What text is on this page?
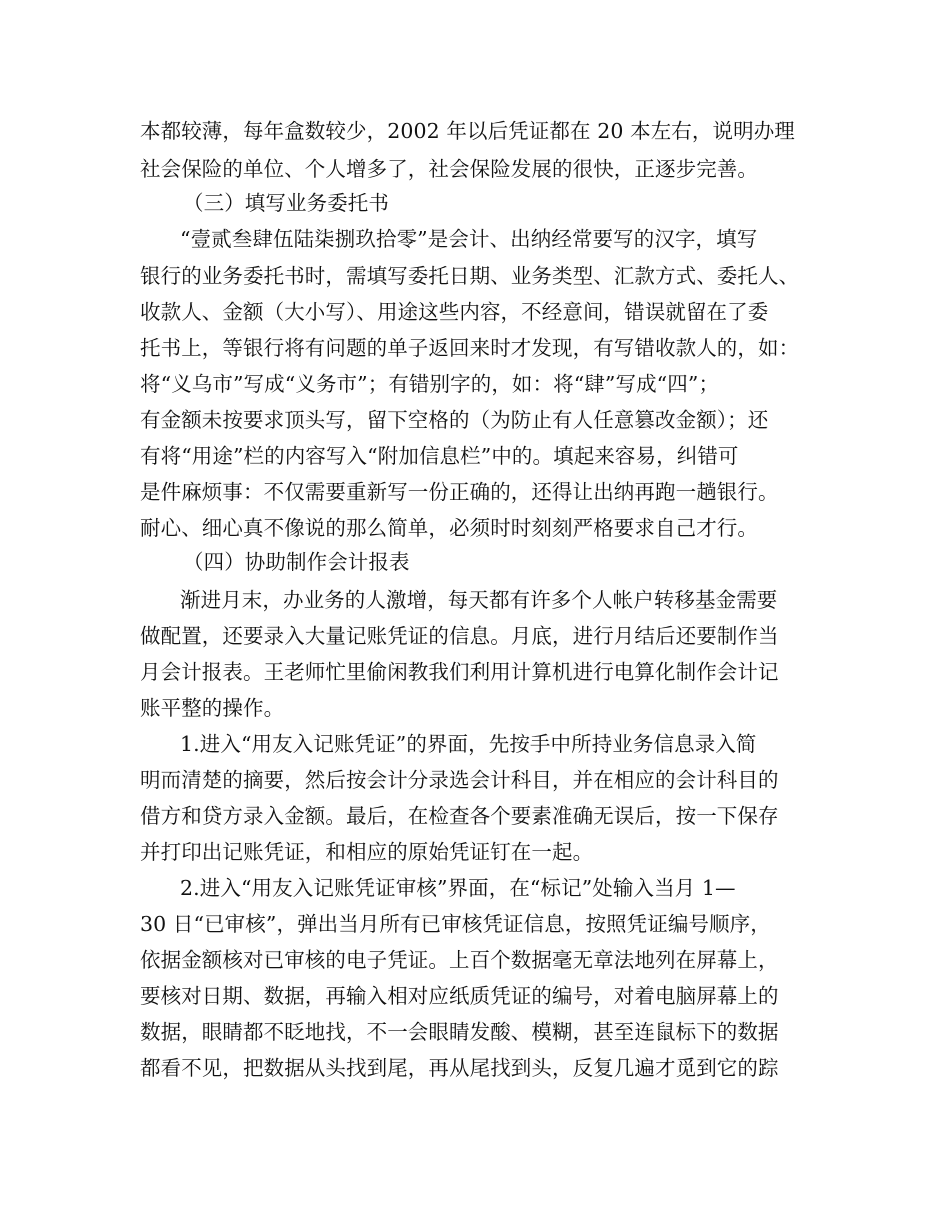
本都较薄，每年盒数较少，2002 年以后凭证都在 20 本左右，说明办理
社会保险的单位、个人增多了，社会保险发展的很快，正逐步完善。
（三）填写业务委托书
“壹贰叁肆伍陆柒捌玖拾零”是会计、出纳经常要写的汉字，填写
银行的业务委托书时，需填写委托日期、业务类型、汇款方式、委托人、
收款人、金额（大小写）、用途这些内容，不经意间，错误就留在了委
托书上，等银行将有问题的单子返回来时才发现，有写错收款人的，如：
将“义乌市”写成“义务市”；有错别字的，如：将“肆”写成“四”；
有金额未按要求顶头写，留下空格的（为防止有人任意篡改金额）；还
有将“用途”栏的内容写入“附加信息栏”中的。填起来容易，纠错可
是件麻烦事：不仅需要重新写一份正确的，还得让出纳再跑一趟银行。
耐心、细心真不像说的那么简单，必须时时刻刻严格要求自己才行。
（四）协助制作会计报表
渐进月末，办业务的人激增，每天都有许多个人帐户转移基金需要
做配置，还要录入大量记账凭证的信息。月底，进行月结后还要制作当
月会计报表。王老师忙里偷闲教我们利用计算机进行电算化制作会计记
账平整的操作。
1.进入“用友入记账凭证”的界面，先按手中所持业务信息录入简
明而清楚的摘要，然后按会计分录选会计科目，并在相应的会计科目的
借方和贷方录入金额。最后，在检查各个要素准确无误后，按一下保存
并打印出记账凭证，和相应的原始凭证钉在一起。
2.进入“用友入记账凭证审核”界面，在“标记”处输入当月 1—
30 日“已审核”，弹出当月所有已审核凭证信息，按照凭证编号顺序，
依据金额核对已审核的电子凭证。上百个数据毫无章法地列在屏幕上，
要核对日期、数据，再输入相对应纸质凭证的编号，对着电脑屏幕上的
数据，眼睛都不眨地找，不一会眼睛发酸、模糊，甚至连鼠标下的数据
都看不见，把数据从头找到尾，再从尾找到头，反复几遍才觅到它的踪
